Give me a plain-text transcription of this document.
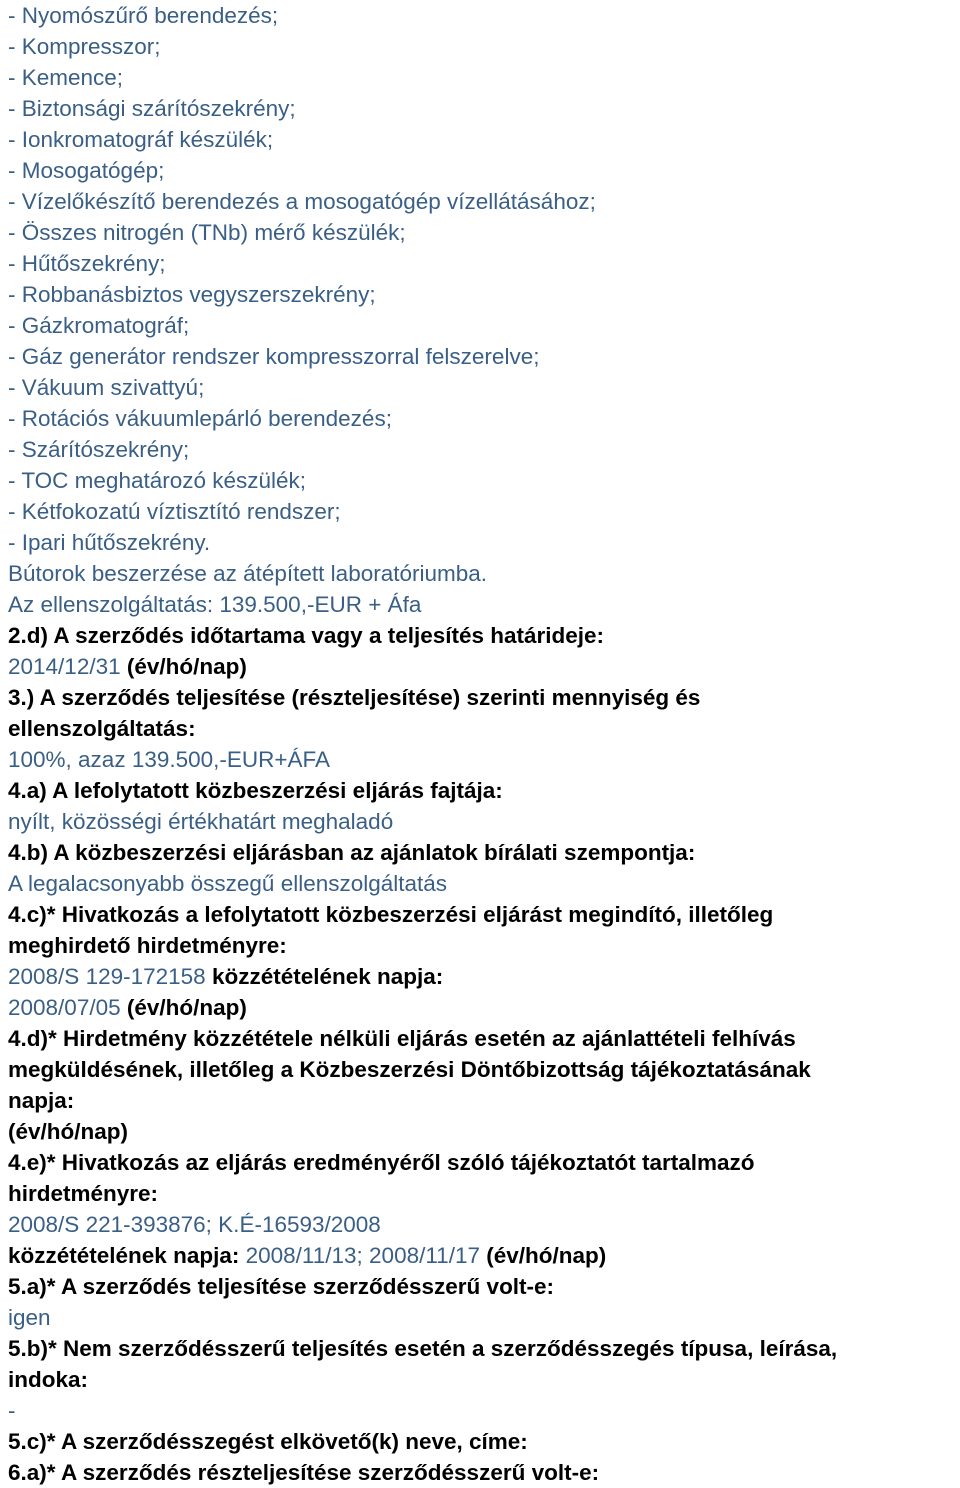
- Nyomószűrő berendezés;
- Kompresszor;
- Kemence;
- Biztonsági szárítószekrény;
- Ionkromatográf készülék;
- Mosogatógép;
- Vízelőkészítő berendezés a mosogatógép vízellátásához;
- Összes nitrogén (TNb) mérő készülék;
- Hűtőszekrény;
- Robbanásbiztos vegyszerszekrény;
- Gázkromatográf;
- Gáz generátor rendszer kompresszorral felszerelve;
- Vákuum szivattyú;
- Rotációs vákuumlepárló berendezés;
- Szárítószekrény;
- TOC meghatározó készülék;
- Kétfokozatú víztisztító rendszer;
- Ipari hűtőszekrény.
Bútorok beszerzése az átépített laboratóriumba.
Az ellenszolgáltatás: 139.500,-EUR + Áfa
2.d) A szerződés időtartama vagy a teljesítés határideje:
2014/12/31 (év/hó/nap)
3.) A szerződés teljesítése (részteljesítése) szerinti mennyiség és
ellenszolgáltatás:
100%, azaz 139.500,-EUR+ÁFA
4.a) A lefolytatott közbeszerzési eljárás fajtája:
nyílt, közösségi értékhatárt meghaladó
4.b) A közbeszerzési eljárásban az ajánlatok bírálati szempontja:
A legalacsonyabb összegű ellenszolgáltatás
4.c)* Hivatkozás a lefolytatott közbeszerzési eljárást megindító, illetőleg
meghirdető hirdetményre:
2008/S 129-172158 közzétételének napja:
2008/07/05 (év/hó/nap)
4.d)* Hirdetmény közzététele nélküli eljárás esetén az ajánlattételi felhívás
megküldésének, illetőleg a Közbeszerzési Döntőbizottság tájékoztatásának
napja:
(év/hó/nap)
4.e)* Hivatkozás az eljárás eredményéről szóló tájékoztatót tartalmazó
hirdetményre:
2008/S 221-393876; K.É-16593/2008
közzétételének napja: 2008/11/13; 2008/11/17 (év/hó/nap)
5.a)* A szerződés teljesítése szerződésszerű volt-e:
igen
5.b)* Nem szerződésszerű teljesítés esetén a szerződésszegés típusa, leírása,
indoka:
-
5.c)* A szerződésszegést elkövető(k) neve, címe:
6.a)* A szerződés részteljesítése szerződésszerű volt-e:
